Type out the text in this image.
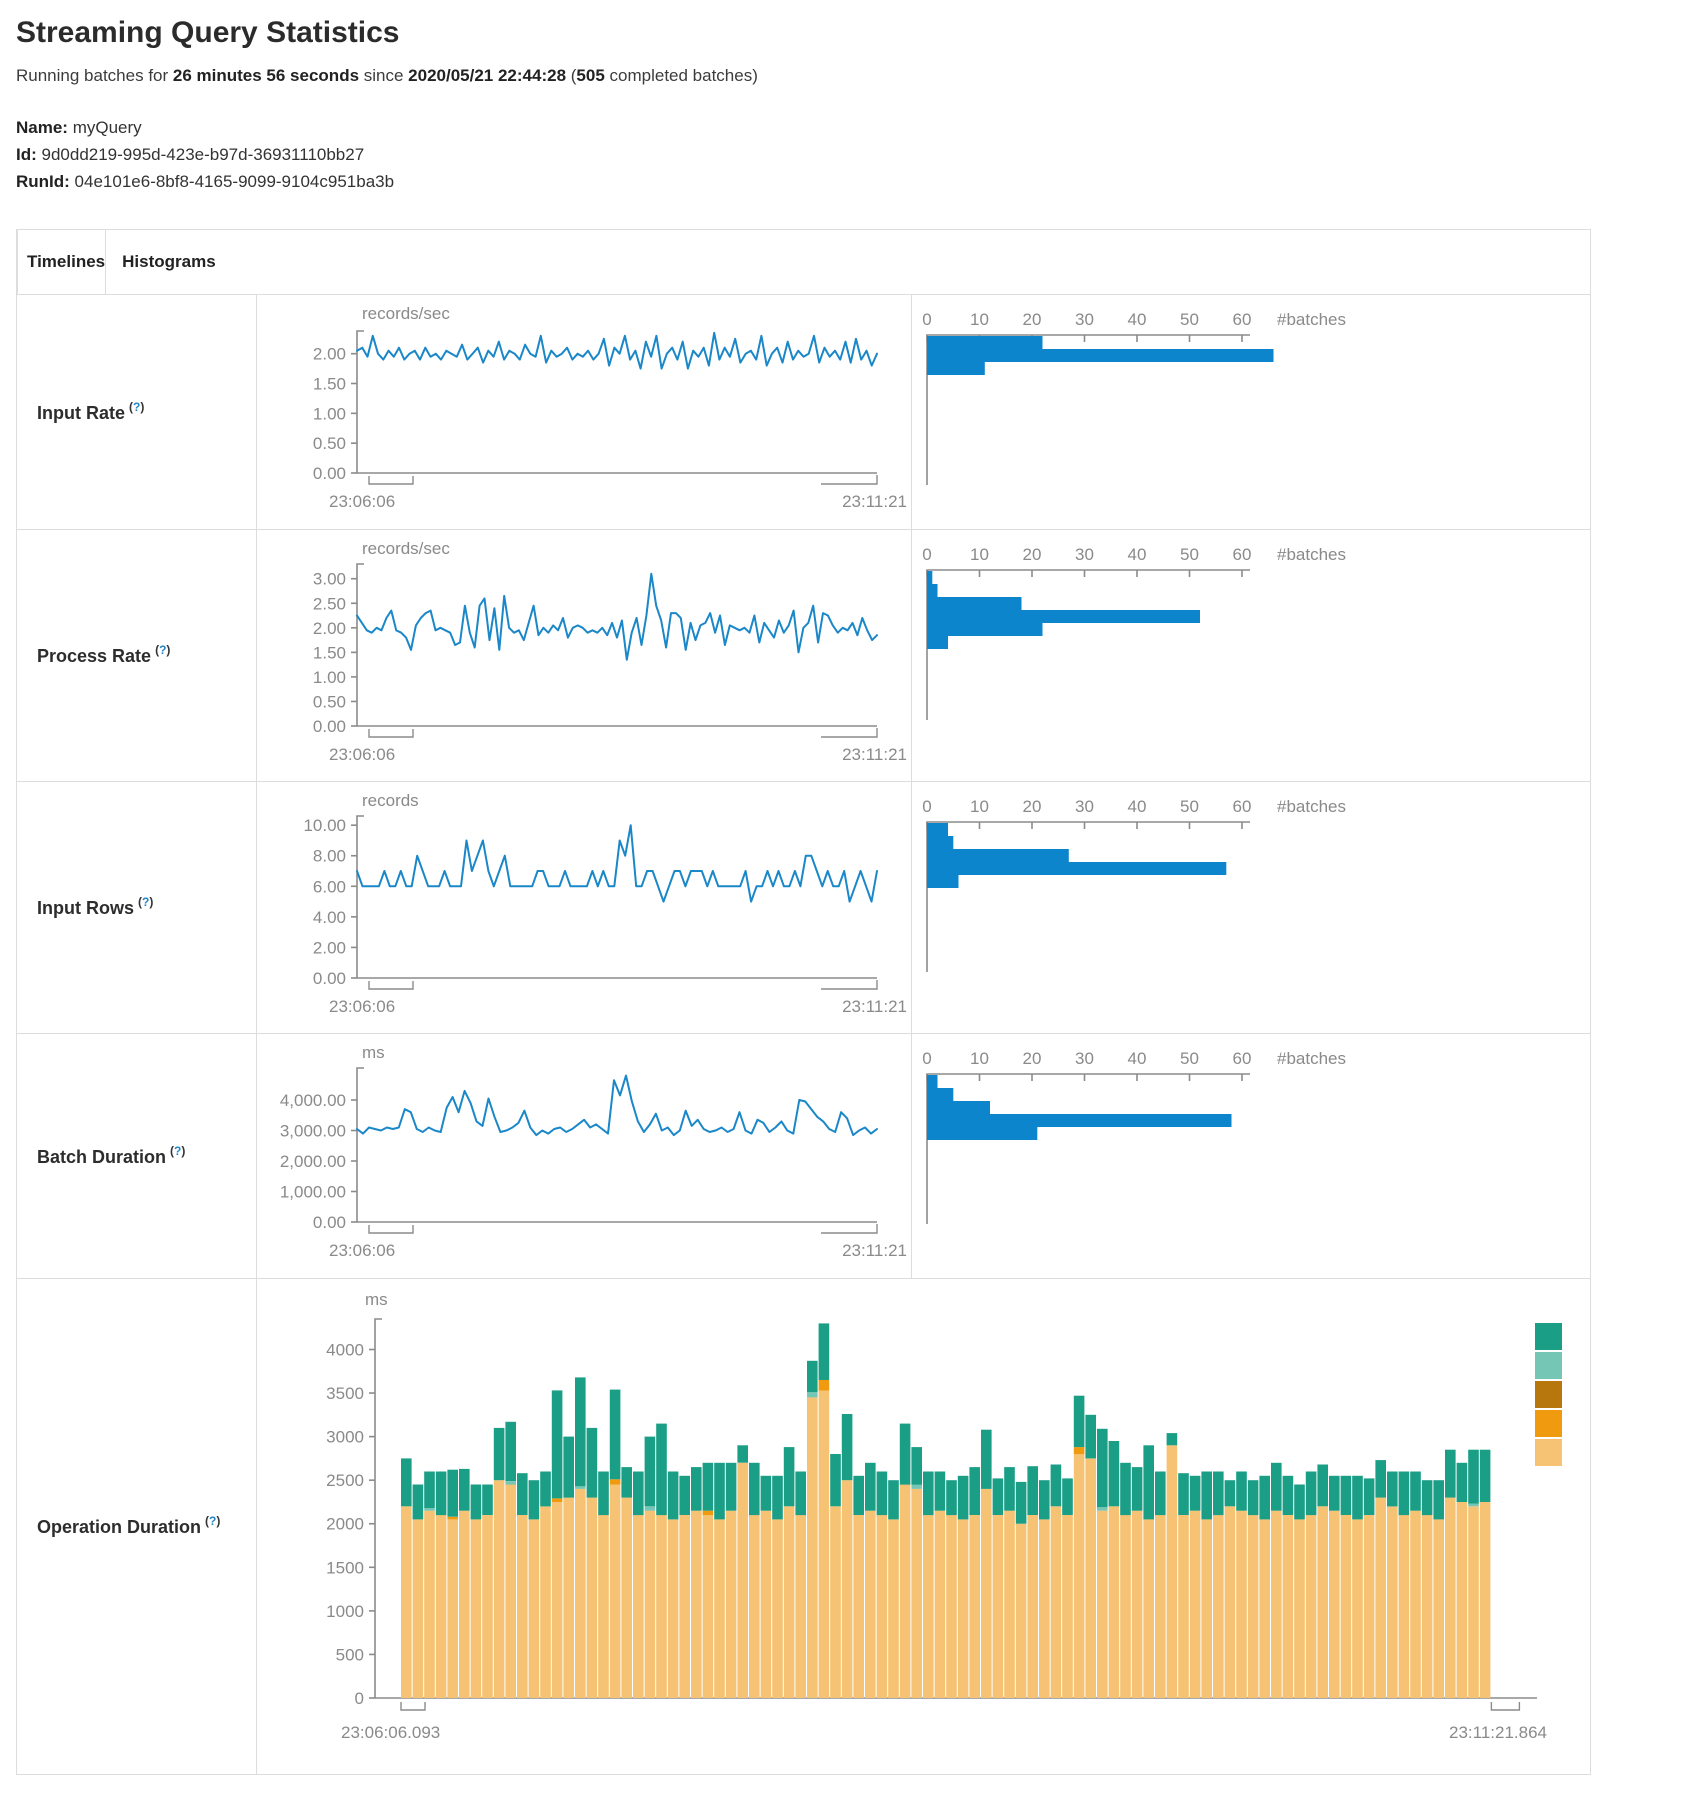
Streaming Query Statistics

Running batches for 26 minutes 56 seconds since 2020/05/21 22:44:28 (505 completed batches)

Name: myQuery
Id: 9d0dd219-995d-423e-b97d-36931110bb27
RunId: 04e101e6-8bf8-4165-9099-9104c951ba3b
Timelines	Histograms
Input Rate (?)
records/sec
0.00
0.50
1.00
1.50
2.00
23:06:06	23:11:21
0 10 20 30 40 50 60 #batches
Process Rate (?)
records/sec
0.00
0.50
1.00
1.50
2.00
2.50
3.00
23:06:06	23:11:21
0 10 20 30 40 50 60 #batches
Input Rows (?)
records
0.00
2.00
4.00
6.00
8.00
10.00
23:06:06	23:11:21
0 10 20 30 40 50 60 #batches
Batch Duration (?)
ms
0.00
1,000.00
2,000.00
3,000.00
4,000.00
23:06:06	23:11:21
0 10 20 30 40 50 60 #batches
Operation Duration (?)
ms
0
500
1000
1500
2000
2500
3000
3500
4000
23:06:06.093	23:11:21.864
